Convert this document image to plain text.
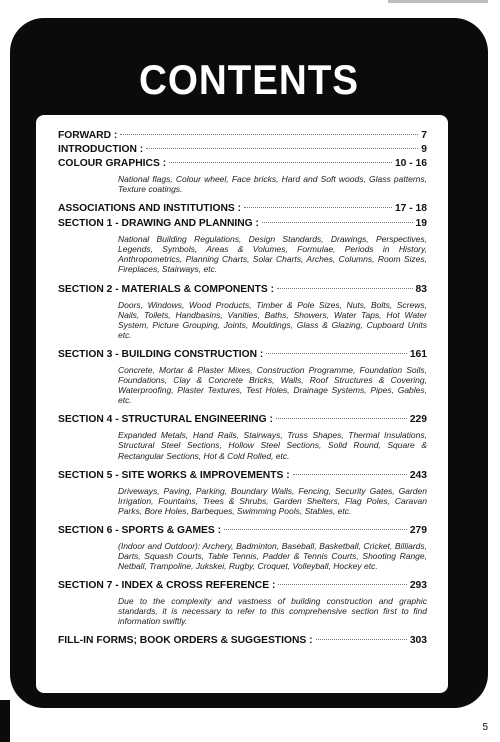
CONTENTS
FORWARD :	7
INTRODUCTION :	9
COLOUR GRAPHICS :	10 - 16
National flags, Colour wheel, Face bricks, Hard and Soft woods, Glass patterns, Texture coatings.
ASSOCIATIONS AND INSTITUTIONS :	17 - 18
SECTION 1 - DRAWING AND PLANNING :	19
National Building Regulations, Design Standards, Drawings, Perspectives, Legends, Symbols, Areas & Volumes, Formulae, Periods in History, Anthropometrics, Planning Charts, Solar Charts, Arches, Columns, Room Sizes, Fireplaces, Stairways, etc.
SECTION 2 - MATERIALS & COMPONENTS :	83
Doors, Windows, Wood Products, Timber & Pole Sizes, Nuts, Bolts, Screws, Nails, Toilets, Handbasins, Vanities, Baths, Showers, Water Taps, Hot Water System, Picture Grouping, Joints, Mouldings, Glass & Glazing, Cupboard Units etc.
SECTION 3 - BUILDING CONSTRUCTION :	161
Concrete, Mortar & Plaster Mixes, Construction Programme, Foundation Soils, Foundations, Clay & Concrete Bricks, Walls, Roof Structures & Covering, Waterproofing, Plaster Textures, Test Holes, Drainage Systems, Pipes, Gables, etc.
SECTION 4 - STRUCTURAL ENGINEERING :	229
Expanded Metals, Hand Rails, Stairways, Truss Shapes, Thermal Insulations, Structural Steel Sections, Hollow Steel Sections, Solid Round, Square & Rectangular Sections, Hot & Cold Rolled, etc.
SECTION 5 - SITE WORKS & IMPROVEMENTS :	243
Driveways, Paving, Parking, Boundary Walls, Fencing, Security Gates, Garden Irrigation, Fountains, Trees & Shrubs, Garden Shelters, Flag Poles, Caravan Parks, Bore Holes, Barbeques, Swimming Pools, Stables, etc.
SECTION 6 - SPORTS & GAMES :	279
(Indoor and Outdoor): Archery, Badminton, Baseball, Basketball, Cricket, Billiards, Darts, Squash Courts, Table Tennis, Padder & Tennis Courts, Shooting Range, Netball, Trampoline, Jukskei, Rugby, Croquet, Volleyball, Hockey etc.
SECTION 7 - INDEX & CROSS REFERENCE :	293
Due to the complexity and vastness of building construction and graphic standards, it is necessary to refer to this comprehensive section first to find information swiftly.
FILL-IN FORMS; BOOK ORDERS & SUGGESTIONS :	303
5
